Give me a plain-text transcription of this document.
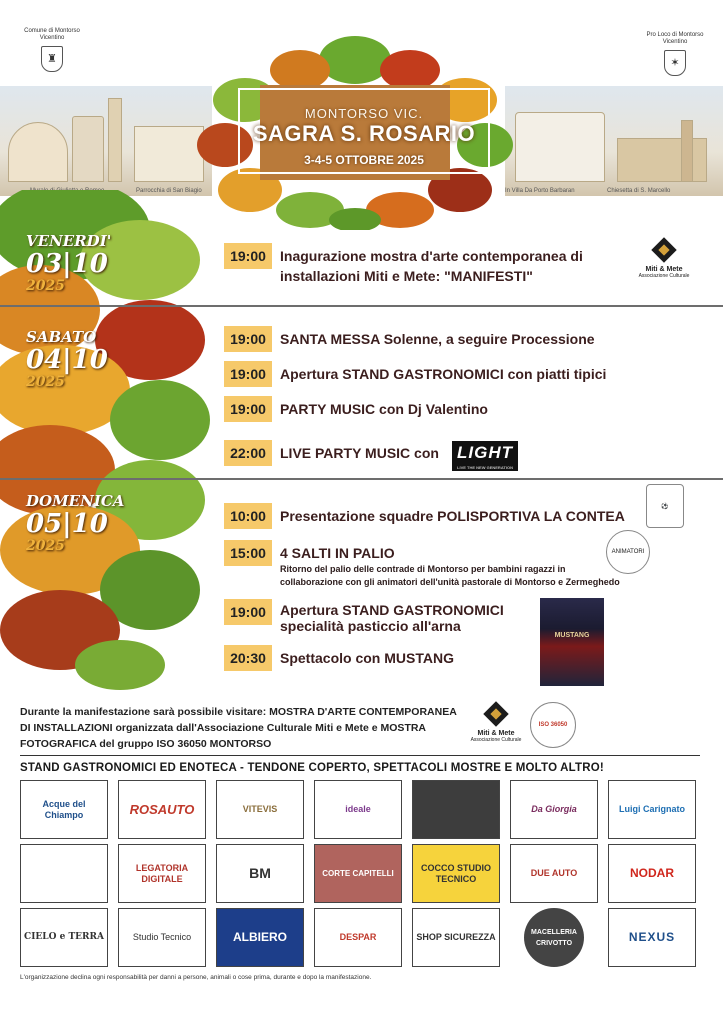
Comune di Montorso Vicentino
♜
Pro Loco di Montorso Vicentino
✶
Parrocchia di San Biagio	In Villa Da Porto Barbaran	Chiesetta di S. Marcello
MONTORSO VIC.
SAGRA S. ROSARIO
3-4-5 OTTOBRE 2025
VENERDI'
03|10
2025
SABATO
04|10
2025
DOMENICA
05|10
2025
19:00	Inagurazione mostra d'arte contemporanea di
installazioni Miti e Mete: "MANIFESTI"	Miti & Mete
Associazione Culturale
19:00	SANTA MESSA Solenne, a seguire Processione
19:00	Apertura STAND GASTRONOMICI con piatti tipici
19:00	PARTY MUSIC con Dj Valentino
22:00	LIVE PARTY MUSIC con LIGHT
LIVE THE NEW GENERATION
10:00	Presentazione squadre POLISPORTIVA LA CONTEA
⚽
15:00	4 SALTI IN PALIO
Ritorno del palio delle contrade di Montorso per bambini ragazzi in
collaborazione con gli animatori dell'unità pastorale di Montorso e Zermeghedo
ANIMATORI
19:00	Apertura STAND GASTRONOMICI
specialità pasticcio all'arna
MUSTANG
20:30	Spettacolo con MUSTANG
Durante la manifestazione sarà possibile visitare: MOSTRA D'ARTE CONTEMPORANEA
DI INSTALLAZIONI organizzata dall'Associazione Culturale Miti e Mete e MOSTRA
FOTOGRAFICA del gruppo ISO 36050 MONTORSO
Miti & Mete
Associazione Culturale
ISO 36050
STAND GASTRONOMICI ED ENOTECA - TENDONE COPERTO, SPETTACOLI MOSTRE E MOLTO ALTRO!
Acque del Chiampo	ROSAUTO	VITEVIS	ideale	Da Giorgia	Luigi Carignato
LEGATORIA DIGITALE	BM	CORTE CAPITELLI
COCCO STUDIO TECNICO
DUE AUTO	NODAR
CIELO e TERRA	Studio Tecnico	ALBIERO	DESPAR	SHOP SICUREZZA	MACELLERIA CRIVOTTO	NEXUS
L'organizzazione declina ogni responsabilità per danni a persone, animali o cose prima, durante e dopo la manifestazione.
